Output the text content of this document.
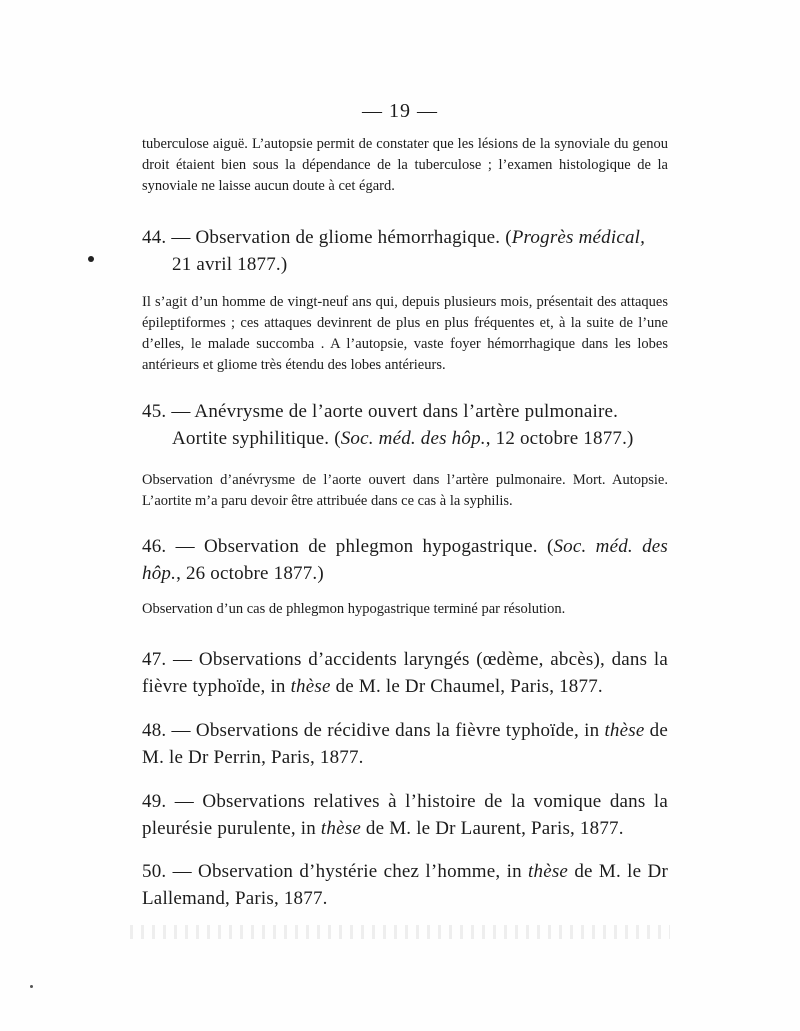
— 19 —
tuberculose aiguë. L’autopsie permit de constater que les lésions de la synoviale du genou droit étaient bien sous la dépendance de la tuberculose ; l’examen histologique de la synoviale ne laisse aucun doute à cet égard.
44. — Observation de gliome hémorrhagique. (Progrès médical,
21 avril 1877.)
Il s’agit d’un homme de vingt-neuf ans qui, depuis plusieurs mois, présentait des attaques épileptiformes ; ces attaques devinrent de plus en plus fréquentes et, à la suite de l’une d’elles, le malade succomba . A l’autopsie, vaste foyer hémorrhagique dans les lobes antérieurs et gliome très étendu des lobes antérieurs.
45. — Anévrysme de l’aorte ouvert dans l’artère pulmonaire.
Aortite syphilitique. (Soc. méd. des hôp., 12 octobre 1877.)
Observation d’anévrysme de l’aorte ouvert dans l’artère pulmonaire. Mort. Autopsie. L’aortite m’a paru devoir être attribuée dans ce cas à la syphilis.
46. — Observation de phlegmon hypogastrique. (Soc. méd. des hôp., 26 octobre 1877.)
Observation d’un cas de phlegmon hypogastrique terminé par résolution.
47. — Observations d’accidents laryngés (œdème, abcès), dans la fièvre typhoïde, in thèse de M. le Dr Chaumel, Paris, 1877.
48. — Observations de récidive dans la fièvre typhoïde, in thèse de M. le Dr Perrin, Paris, 1877.
49. — Observations relatives à l’histoire de la vomique dans la pleurésie purulente, in thèse de M. le Dr Laurent, Paris, 1877.
50. — Observation d’hystérie chez l’homme, in thèse de M. le Dr Lallemand, Paris, 1877.
